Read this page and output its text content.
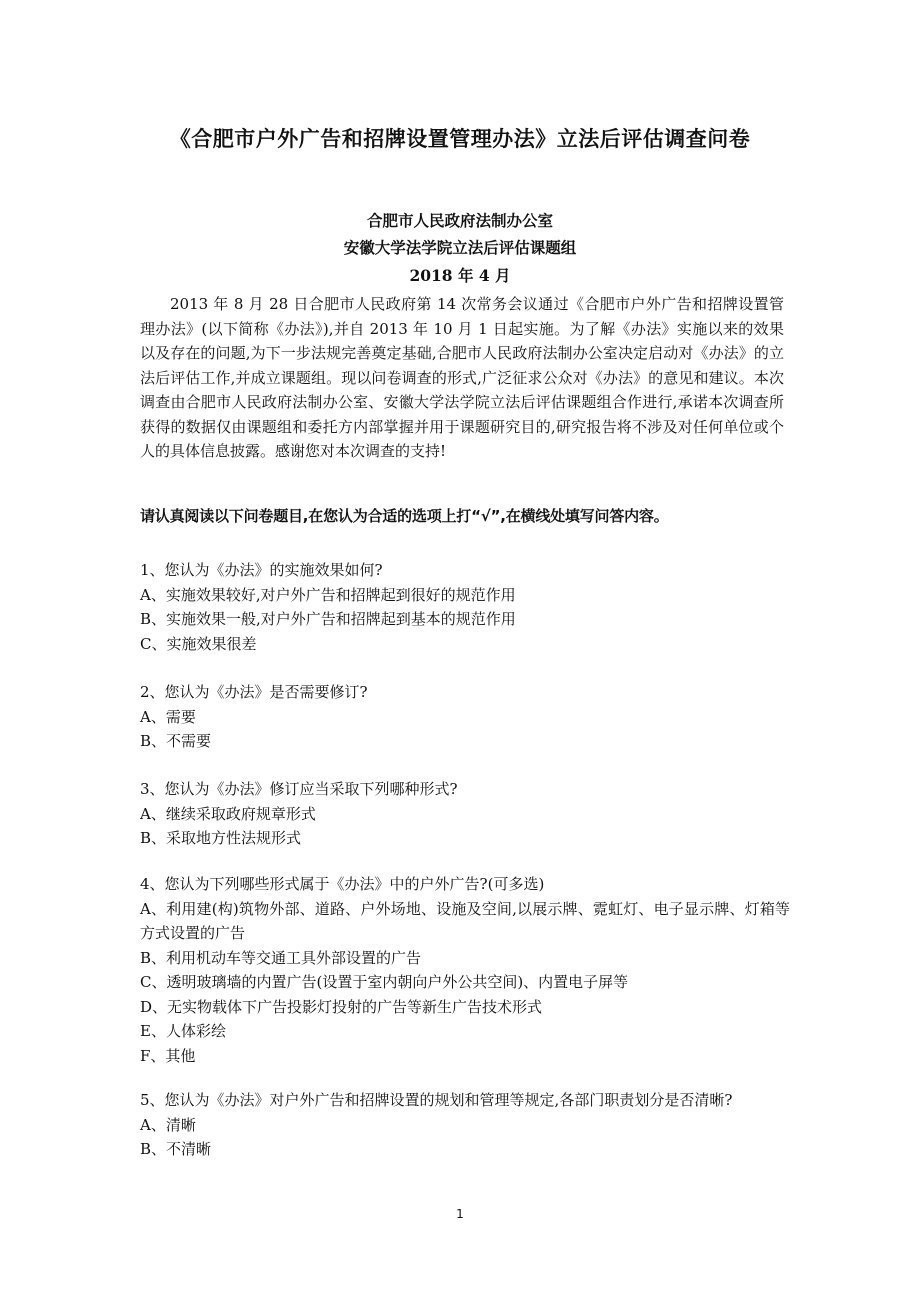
《合肥市户外广告和招牌设置管理办法》立法后评估调查问卷
合肥市人民政府法制办公室
安徽大学法学院立法后评估课题组
2018 年 4 月

2013 年 8 月 28 日合肥市人民政府第 14 次常务会议通过《合肥市户外广告和招牌设置管理办法》(以下简称《办法》),并自 2013 年 10 月 1 日起实施。为了解《办法》实施以来的效果以及存在的问题,为下一步法规完善奠定基础,合肥市人民政府法制办公室决定启动对《办法》的立法后评估工作,并成立课题组。现以问卷调查的形式,广泛征求公众对《办法》的意见和建议。本次调查由合肥市人民政府法制办公室、安徽大学法学院立法后评估课题组合作进行,承诺本次调查所获得的数据仅由课题组和委托方内部掌握并用于课题研究目的,研究报告将不涉及对任何单位或个人的具体信息披露。感谢您对本次调查的支持!

请认真阅读以下问卷题目,在您认为合适的选项上打“√”,在横线处填写问答内容。
1、您认为《办法》的实施效果如何?
A、实施效果较好,对户外广告和招牌起到很好的规范作用
B、实施效果一般,对户外广告和招牌起到基本的规范作用
C、实施效果很差
2、您认为《办法》是否需要修订?
A、需要
B、不需要
3、您认为《办法》修订应当采取下列哪种形式?
A、继续采取政府规章形式
B、采取地方性法规形式
4、您认为下列哪些形式属于《办法》中的户外广告?(可多选)
A、利用建(构)筑物外部、道路、户外场地、设施及空间,以展示牌、霓虹灯、电子显示牌、灯箱等方式设置的广告
B、利用机动车等交通工具外部设置的广告
C、透明玻璃墙的内置广告(设置于室内朝向户外公共空间)、内置电子屏等
D、无实物载体下广告投影灯投射的广告等新生广告技术形式
E、人体彩绘
F、其他
5、您认为《办法》对户外广告和招牌设置的规划和管理等规定,各部门职责划分是否清晰?
A、清晰
B、不清晰
1
